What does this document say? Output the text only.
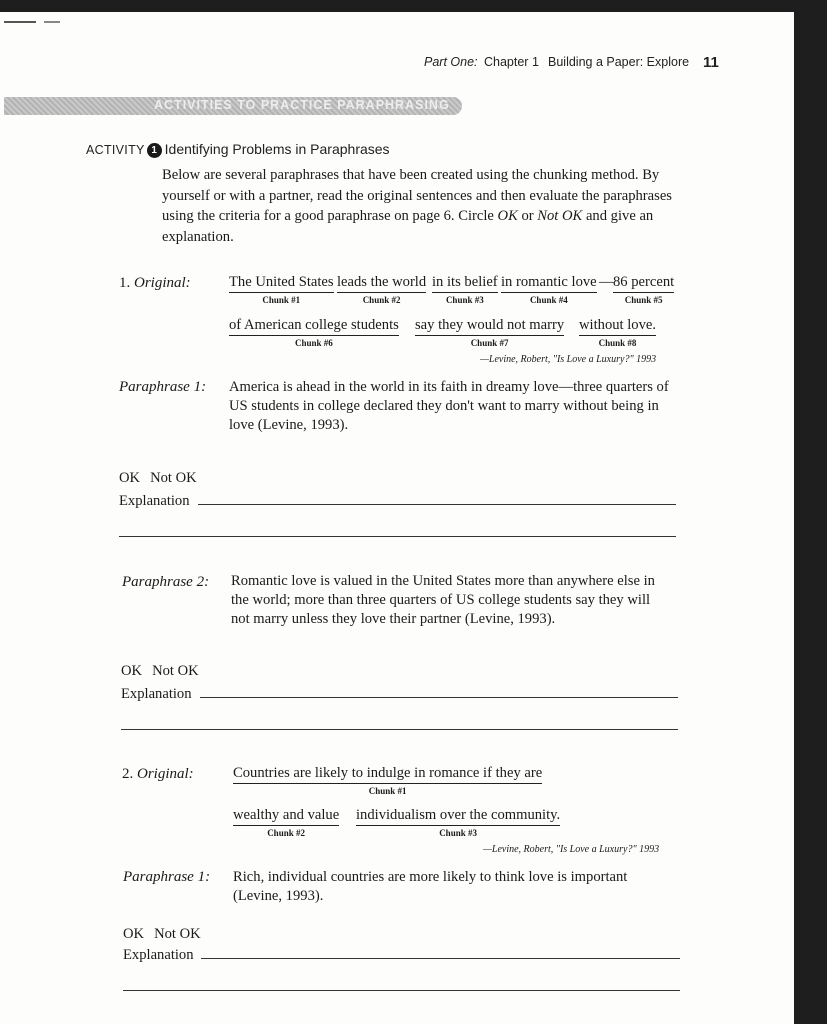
Part One: Chapter 1 Building a Paper: Explore 11
ACTIVITIES TO PRACTICE PARAPHRASING
ACTIVITY 1 Identifying Problems in Paraphrases
Below are several paraphrases that have been created using the chunking method. By yourself or with a partner, read the original sentences and then evaluate the paraphrases using the criteria for a good paraphrase on page 6. Circle OK or Not OK and give an explanation.
1. Original:	The United States
Chunk #1
leads the world
Chunk #2
in its belief
Chunk #3
in romantic love
Chunk #4
— 86 percent
Chunk #5
of American college students
Chunk #6
say they would not marry
Chunk #7
without love.
Chunk #8
—Levine, Robert, "Is Love a Luxury?" 1993
Paraphrase 1: America is ahead in the world in its faith in dreamy love—three quarters of US students in college declared they don't want to marry without being in love (Levine, 1993).
OK Not OK
Explanation
Paraphrase 2: Romantic love is valued in the United States more than anywhere else in the world; more than three quarters of US college students say they will not marry unless they love their partner (Levine, 1993).
OK Not OK
Explanation
2. Original:	Countries are likely to indulge in romance if they are
Chunk #1
wealthy and value
Chunk #2
individualism over the community.
Chunk #3
—Levine, Robert, "Is Love a Luxury?" 1993
Paraphrase 1: Rich, individual countries are more likely to think love is important (Levine, 1993).
OK Not OK
Explanation
